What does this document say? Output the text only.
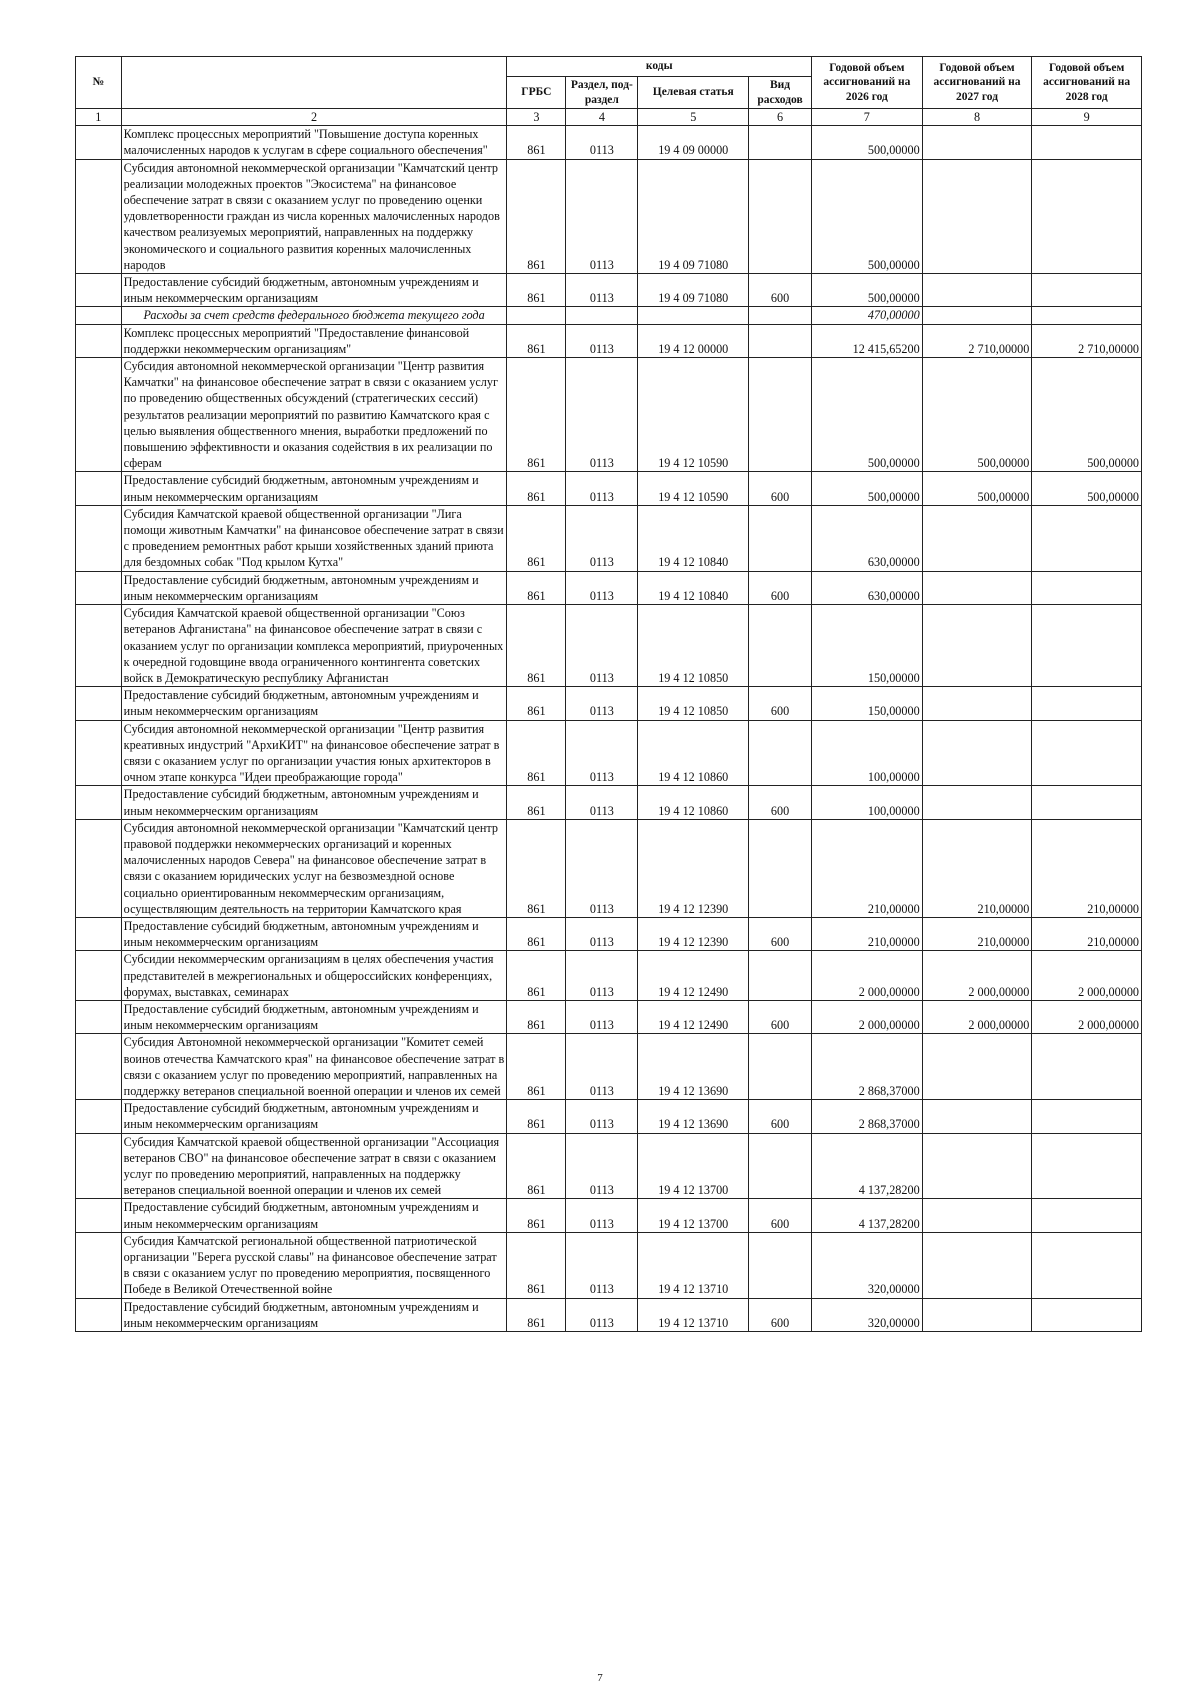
№		коды				Годовой объем ассигнований на 2026 год	Годовой объем ассигнований на 2027 год	Годовой объем ассигнований на 2028 год
		ГРБС	Раздел, под-раздел	Целевая статья	Вид расходов			
1	2	3	4	5	6	7	8	9
	Комплекс процессных мероприятий "Повышение доступа коренных малочисленных народов к услугам в сфере социального обеспечения"	861	0113	19 4 09 00000		500,00000		
	Субсидия автономной некоммерческой организации "Камчатский центр реализации молодежных проектов "Экосистема" на финансовое обеспечение затрат в связи с оказанием услуг по проведению оценки удовлетворенности граждан из числа коренных малочисленных народов качеством реализуемых мероприятий, направленных на поддержку экономического и социального развития коренных малочисленных народов	861	0113	19 4 09 71080		500,00000		
	Предоставление субсидий бюджетным, автономным учреждениям и иным некоммерческим организациям	861	0113	19 4 09 71080	600	500,00000		
	Расходы за счет средств федерального бюджета текущего года					470,00000		
	Комплекс процессных мероприятий "Предоставление финансовой поддержки некоммерческим организациям"	861	0113	19 4 12 00000		12 415,65200	2 710,00000	2 710,00000
	Субсидия автономной некоммерческой организации "Центр развития Камчатки" на финансовое обеспечение затрат в связи с оказанием услуг по проведению общественных обсуждений (стратегических сессий) результатов реализации мероприятий по развитию Камчатского края с целью выявления общественного мнения, выработки предложений по повышению эффективности и оказания содействия в их реализации по сферам	861	0113	19 4 12 10590		500,00000	500,00000	500,00000
	Предоставление субсидий бюджетным, автономным учреждениям и иным некоммерческим организациям	861	0113	19 4 12 10590	600	500,00000	500,00000	500,00000
	Субсидия Камчатской краевой общественной организации "Лига помощи животным Камчатки" на финансовое обеспечение затрат в связи с проведением ремонтных работ крыши хозяйственных зданий приюта для бездомных собак "Под крылом Кутха"	861	0113	19 4 12 10840		630,00000		
	Предоставление субсидий бюджетным, автономным учреждениям и иным некоммерческим организациям	861	0113	19 4 12 10840	600	630,00000		
	Субсидия Камчатской краевой общественной организации "Союз ветеранов Афганистана" на финансовое обеспечение затрат в связи с оказанием услуг по организации комплекса мероприятий, приуроченных к очередной годовщине ввода ограниченного контингента советских войск в Демократическую республику Афганистан	861	0113	19 4 12 10850		150,00000		
	Предоставление субсидий бюджетным, автономным учреждениям и иным некоммерческим организациям	861	0113	19 4 12 10850	600	150,00000		
	Субсидия автономной некоммерческой организации "Центр развития креативных индустрий "АрхиКИТ" на финансовое обеспечение затрат в связи с оказанием услуг по организации участия юных архитекторов в очном этапе конкурса "Идеи преображающие города"	861	0113	19 4 12 10860		100,00000		
	Предоставление субсидий бюджетным, автономным учреждениям и иным некоммерческим организациям	861	0113	19 4 12 10860	600	100,00000		
	Субсидия автономной некоммерческой организации "Камчатский центр правовой поддержки некоммерческих организаций и коренных малочисленных народов Севера" на финансовое обеспечение затрат в связи с оказанием юридических услуг на безвозмездной основе социально ориентированным некоммерческим организациям, осуществляющим деятельность на территории Камчатского края	861	0113	19 4 12 12390		210,00000	210,00000	210,00000
	Предоставление субсидий бюджетным, автономным учреждениям и иным некоммерческим организациям	861	0113	19 4 12 12390	600	210,00000	210,00000	210,00000
	Субсидии некоммерческим организациям в целях обеспечения участия представителей в межрегиональных и общероссийских конференциях, форумах, выставках, семинарах	861	0113	19 4 12 12490		2 000,00000	2 000,00000	2 000,00000
	Предоставление субсидий бюджетным, автономным учреждениям и иным некоммерческим организациям	861	0113	19 4 12 12490	600	2 000,00000	2 000,00000	2 000,00000
	Субсидия Автономной некоммерческой организации "Комитет семей воинов отечества Камчатского края" на финансовое обеспечение затрат в связи с оказанием услуг по проведению мероприятий, направленных на поддержку ветеранов специальной военной операции и членов их семей	861	0113	19 4 12 13690		2 868,37000		
	Предоставление субсидий бюджетным, автономным учреждениям и иным некоммерческим организациям	861	0113	19 4 12 13690	600	2 868,37000		
	Субсидия Камчатской краевой общественной организации "Ассоциация ветеранов СВО" на финансовое обеспечение затрат в связи с оказанием услуг по проведению мероприятий, направленных на поддержку ветеранов специальной военной операции и членов их семей	861	0113	19 4 12 13700		4 137,28200		
	Предоставление субсидий бюджетным, автономным учреждениям и иным некоммерческим организациям	861	0113	19 4 12 13700	600	4 137,28200		
	Субсидия Камчатской региональной общественной патриотической организации "Берега русской славы" на финансовое обеспечение затрат в связи с оказанием услуг по проведению мероприятия, посвященного Победе в Великой Отечественной войне	861	0113	19 4 12 13710		320,00000		
	Предоставление субсидий бюджетным, автономным учреждениям и иным некоммерческим организациям	861	0113	19 4 12 13710	600	320,00000		
7
